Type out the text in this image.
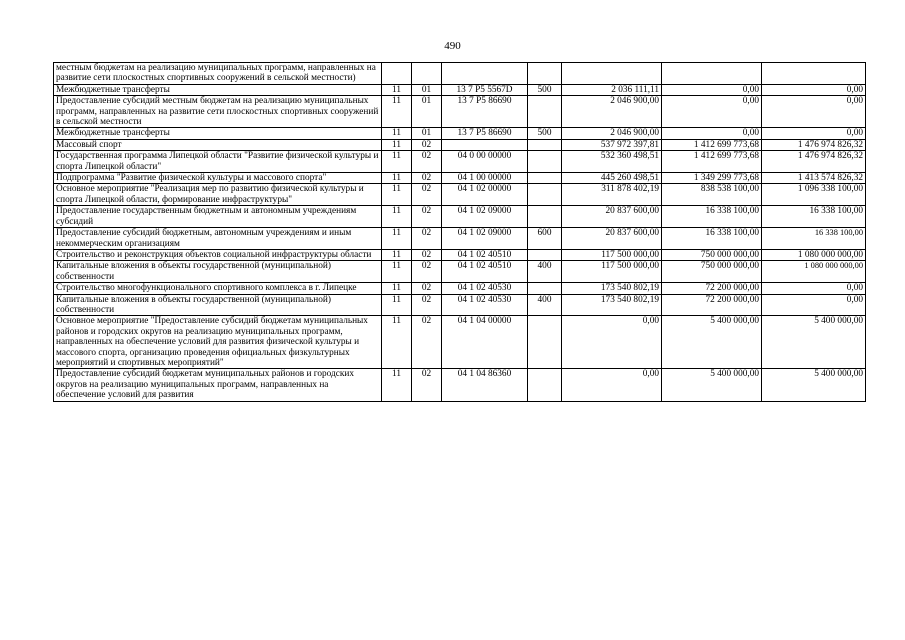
490
местным бюджетам на реализацию муниципальных программ, направленных на развитие сети плоскостных спортивных сооружений в сельской местности)							
Межбюджетные трансферты	11	01	13 7 P5 5567D	500	2 036 111,11	0,00	0,00
Предоставление субсидий местным бюджетам на реализацию муниципальных программ, направленных на развитие сети плоскостных спортивных сооружений в сельской местности	11	01	13 7 P5 86690		2 046 900,00	0,00	0,00
Межбюджетные трансферты	11	01	13 7 P5 86690	500	2 046 900,00	0,00	0,00
Массовый спорт	11	02			537 972 397,81	1 412 699 773,68	1 476 974 826,32
Государственная программа Липецкой области "Развитие физической культуры и спорта Липецкой области"	11	02	04 0 00 00000		532 360 498,51	1 412 699 773,68	1 476 974 826,32
Подпрограмма "Развитие физической культуры и массового спорта"	11	02	04 1 00 00000		445 260 498,51	1 349 299 773,68	1 413 574 826,32
Основное мероприятие "Реализация мер по развитию физической культуры и спорта Липецкой области, формирование инфраструктуры"	11	02	04 1 02 00000		311 878 402,19	838 538 100,00	1 096 338 100,00
Предоставление государственным бюджетным и автономным учреждениям субсидий	11	02	04 1 02 09000		20 837 600,00	16 338 100,00	16 338 100,00
Предоставление субсидий бюджетным, автономным учреждениям и иным некоммерческим организациям	11	02	04 1 02 09000	600	20 837 600,00	16 338 100,00	16 338 100,00
Строительство и реконструкция объектов социальной инфраструктуры области	11	02	04 1 02 40510		117 500 000,00	750 000 000,00	1 080 000 000,00
Капитальные вложения в объекты государственной (муниципальной) собственности	11	02	04 1 02 40510	400	117 500 000,00	750 000 000,00	1 080 000 000,00
Строительство многофункционального спортивного комплекса в г. Липецке	11	02	04 1 02 40530		173 540 802,19	72 200 000,00	0,00
Капитальные вложения в объекты государственной (муниципальной) собственности	11	02	04 1 02 40530	400	173 540 802,19	72 200 000,00	0,00
Основное мероприятие "Предоставление субсидий бюджетам муниципальных районов и городских округов на реализацию муниципальных программ, направленных на обеспечение условий для развития физической культуры и массового спорта, организацию проведения официальных физкультурных мероприятий и спортивных мероприятий"	11	02	04 1 04 00000		0,00	5 400 000,00	5 400 000,00
Предоставление субсидий бюджетам муниципальных районов и городских округов на реализацию муниципальных программ, направленных на обеспечение условий для развития	11	02	04 1 04 86360		0,00	5 400 000,00	5 400 000,00
